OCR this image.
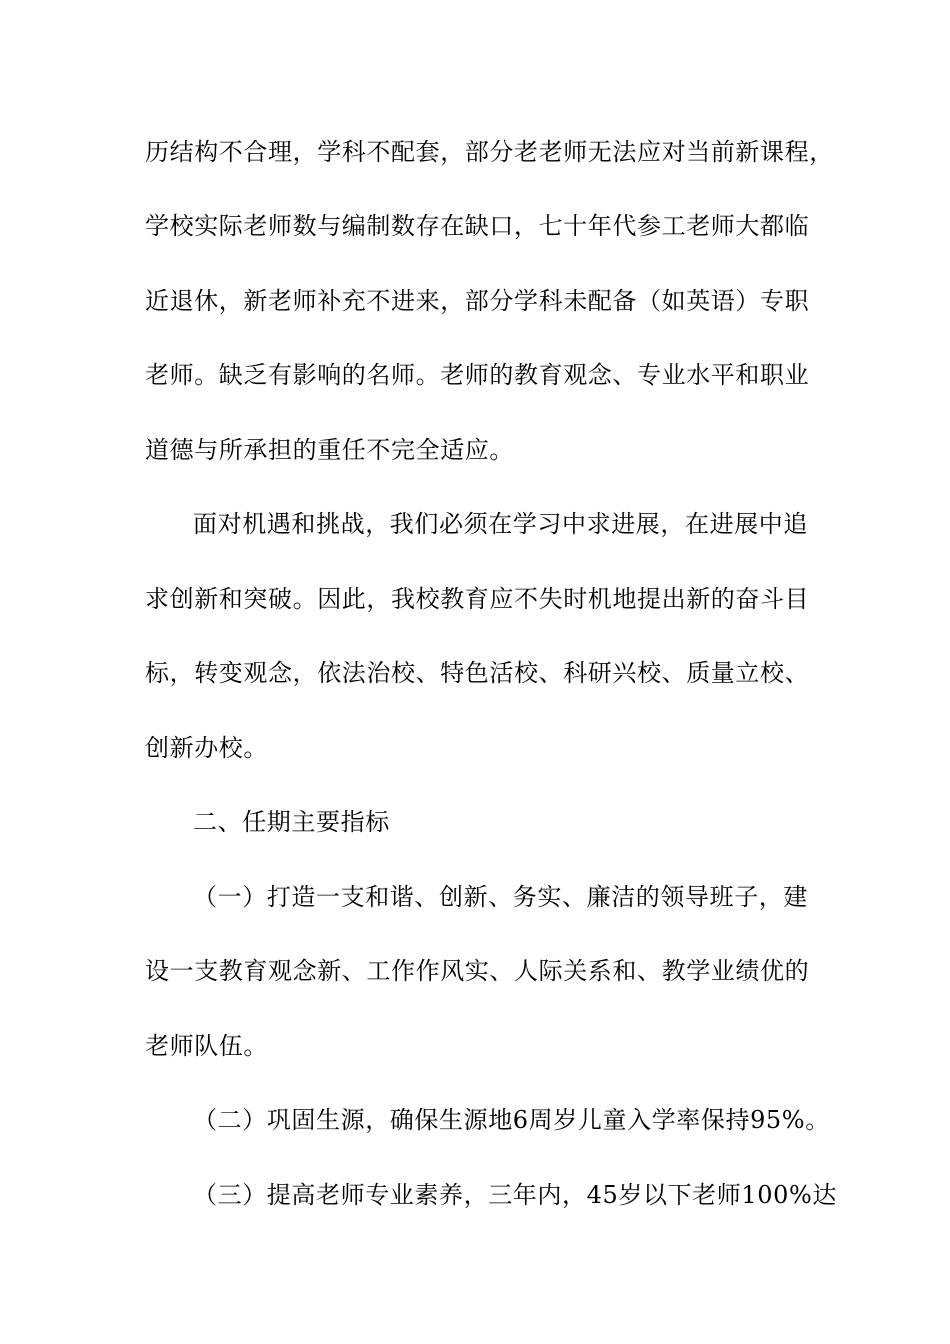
历结构不合理，学科不配套，部分老老师无法应对当前新课程，
学校实际老师数与编制数存在缺口，七十年代参工老师大都临
近退休，新老师补充不进来，部分学科未配备（如英语）专职
老师。缺乏有影响的名师。老师的教育观念、专业水平和职业
道德与所承担的重任不完全适应。
面对机遇和挑战，我们必须在学习中求进展，在进展中追
求创新和突破。因此，我校教育应不失时机地提出新的奋斗目
标，转变观念，依法治校、特色活校、科研兴校、质量立校、
创新办校。
二、任期主要指标
（一）打造一支和谐、创新、务实、廉洁的领导班子，建
设一支教育观念新、工作作风实、人际关系和、教学业绩优的
老师队伍。
（二）巩固生源，确保生源地6周岁儿童入学率保持95%。
（三）提高老师专业素养，三年内，45岁以下老师100%达
